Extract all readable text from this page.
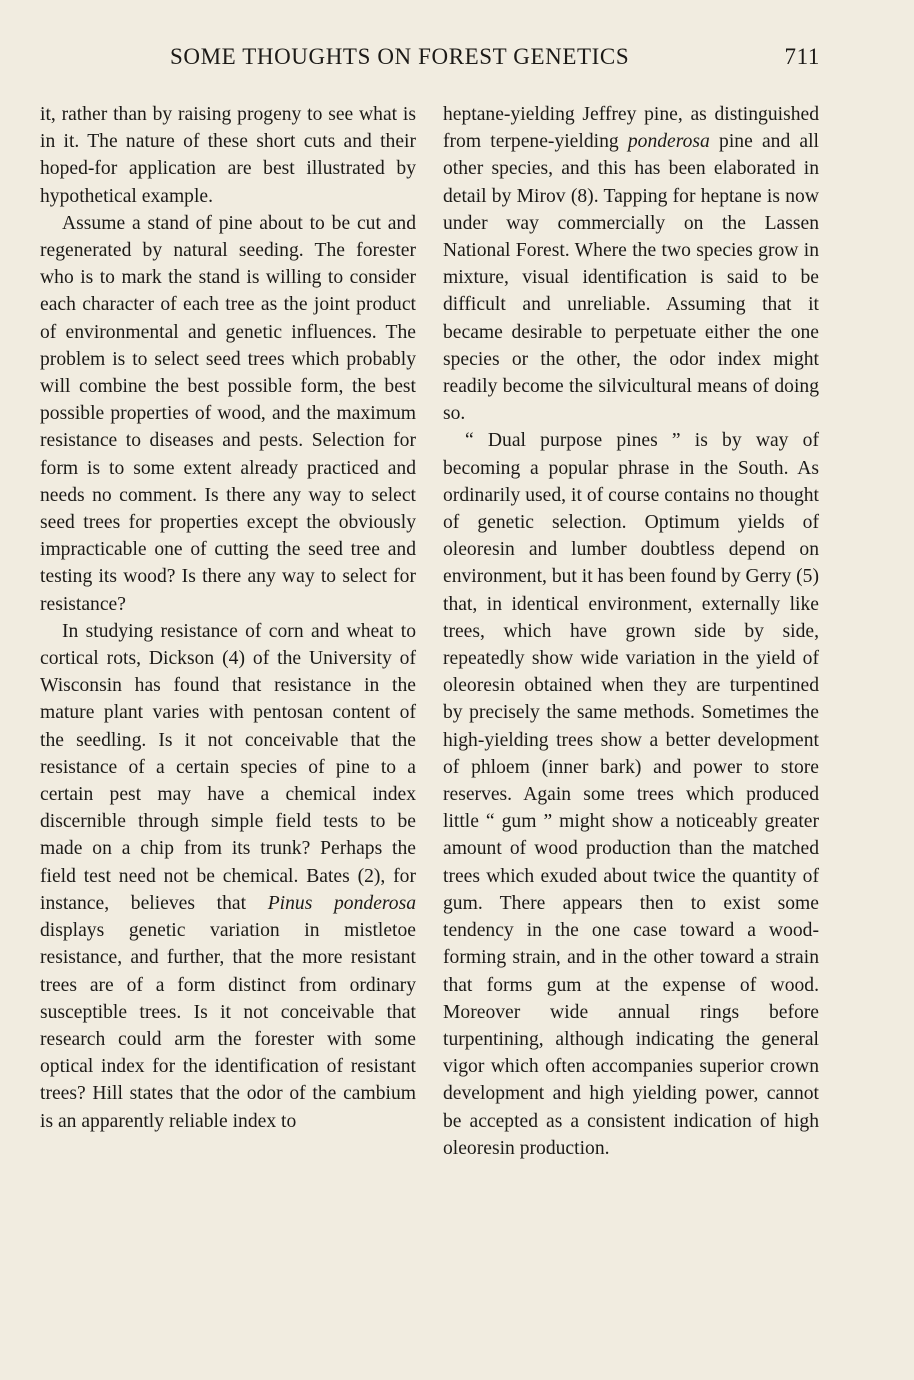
SOME THOUGHTS ON FOREST GENETICS	711

it, rather than by raising progeny to see what is in it. The nature of these short cuts and their hoped-for application are best illustrated by hypothetical example.

Assume a stand of pine about to be cut and regenerated by natural seeding. The forester who is to mark the stand is willing to consider each character of each tree as the joint product of environmental and genetic influences. The problem is to select seed trees which probably will combine the best possible form, the best possible properties of wood, and the maximum resistance to diseases and pests. Selection for form is to some extent already practiced and needs no comment. Is there any way to select seed trees for properties except the obviously impracticable one of cutting the seed tree and testing its wood? Is there any way to select for resistance?

In studying resistance of corn and wheat to cortical rots, Dickson (4) of the University of Wisconsin has found that resistance in the mature plant varies with pentosan content of the seedling. Is it not conceivable that the resistance of a certain species of pine to a certain pest may have a chemical index discernible through simple field tests to be made on a chip from its trunk? Perhaps the field test need not be chemical. Bates (2), for instance, believes that Pinus ponderosa displays genetic variation in mistletoe resistance, and further, that the more resistant trees are of a form distinct from ordinary susceptible trees. Is it not conceivable that research could arm the forester with some optical index for the identification of resistant trees? Hill states that the odor of the cambium is an apparently reliable index to

heptane-yielding Jeffrey pine, as distinguished from terpene-yielding ponderosa pine and all other species, and this has been elaborated in detail by Mirov (8). Tapping for heptane is now under way commercially on the Lassen National Forest. Where the two species grow in mixture, visual identification is said to be difficult and unreliable. Assuming that it became desirable to perpetuate either the one species or the other, the odor index might readily become the silvicultural means of doing so.

“ Dual purpose pines ” is by way of becoming a popular phrase in the South. As ordinarily used, it of course contains no thought of genetic selection. Optimum yields of oleoresin and lumber doubtless depend on environment, but it has been found by Gerry (5) that, in identical environment, externally like trees, which have grown side by side, repeatedly show wide variation in the yield of oleoresin obtained when they are turpentined by precisely the same methods. Sometimes the high-yielding trees show a better development of phloem (inner bark) and power to store reserves. Again some trees which produced little “ gum ” might show a noticeably greater amount of wood production than the matched trees which exuded about twice the quantity of gum. There appears then to exist some tendency in the one case toward a wood-forming strain, and in the other toward a strain that forms gum at the expense of wood. Moreover wide annual rings before turpentining, although indicating the general vigor which often accompanies superior crown development and high yielding power, cannot be accepted as a consistent indication of high oleoresin production.
